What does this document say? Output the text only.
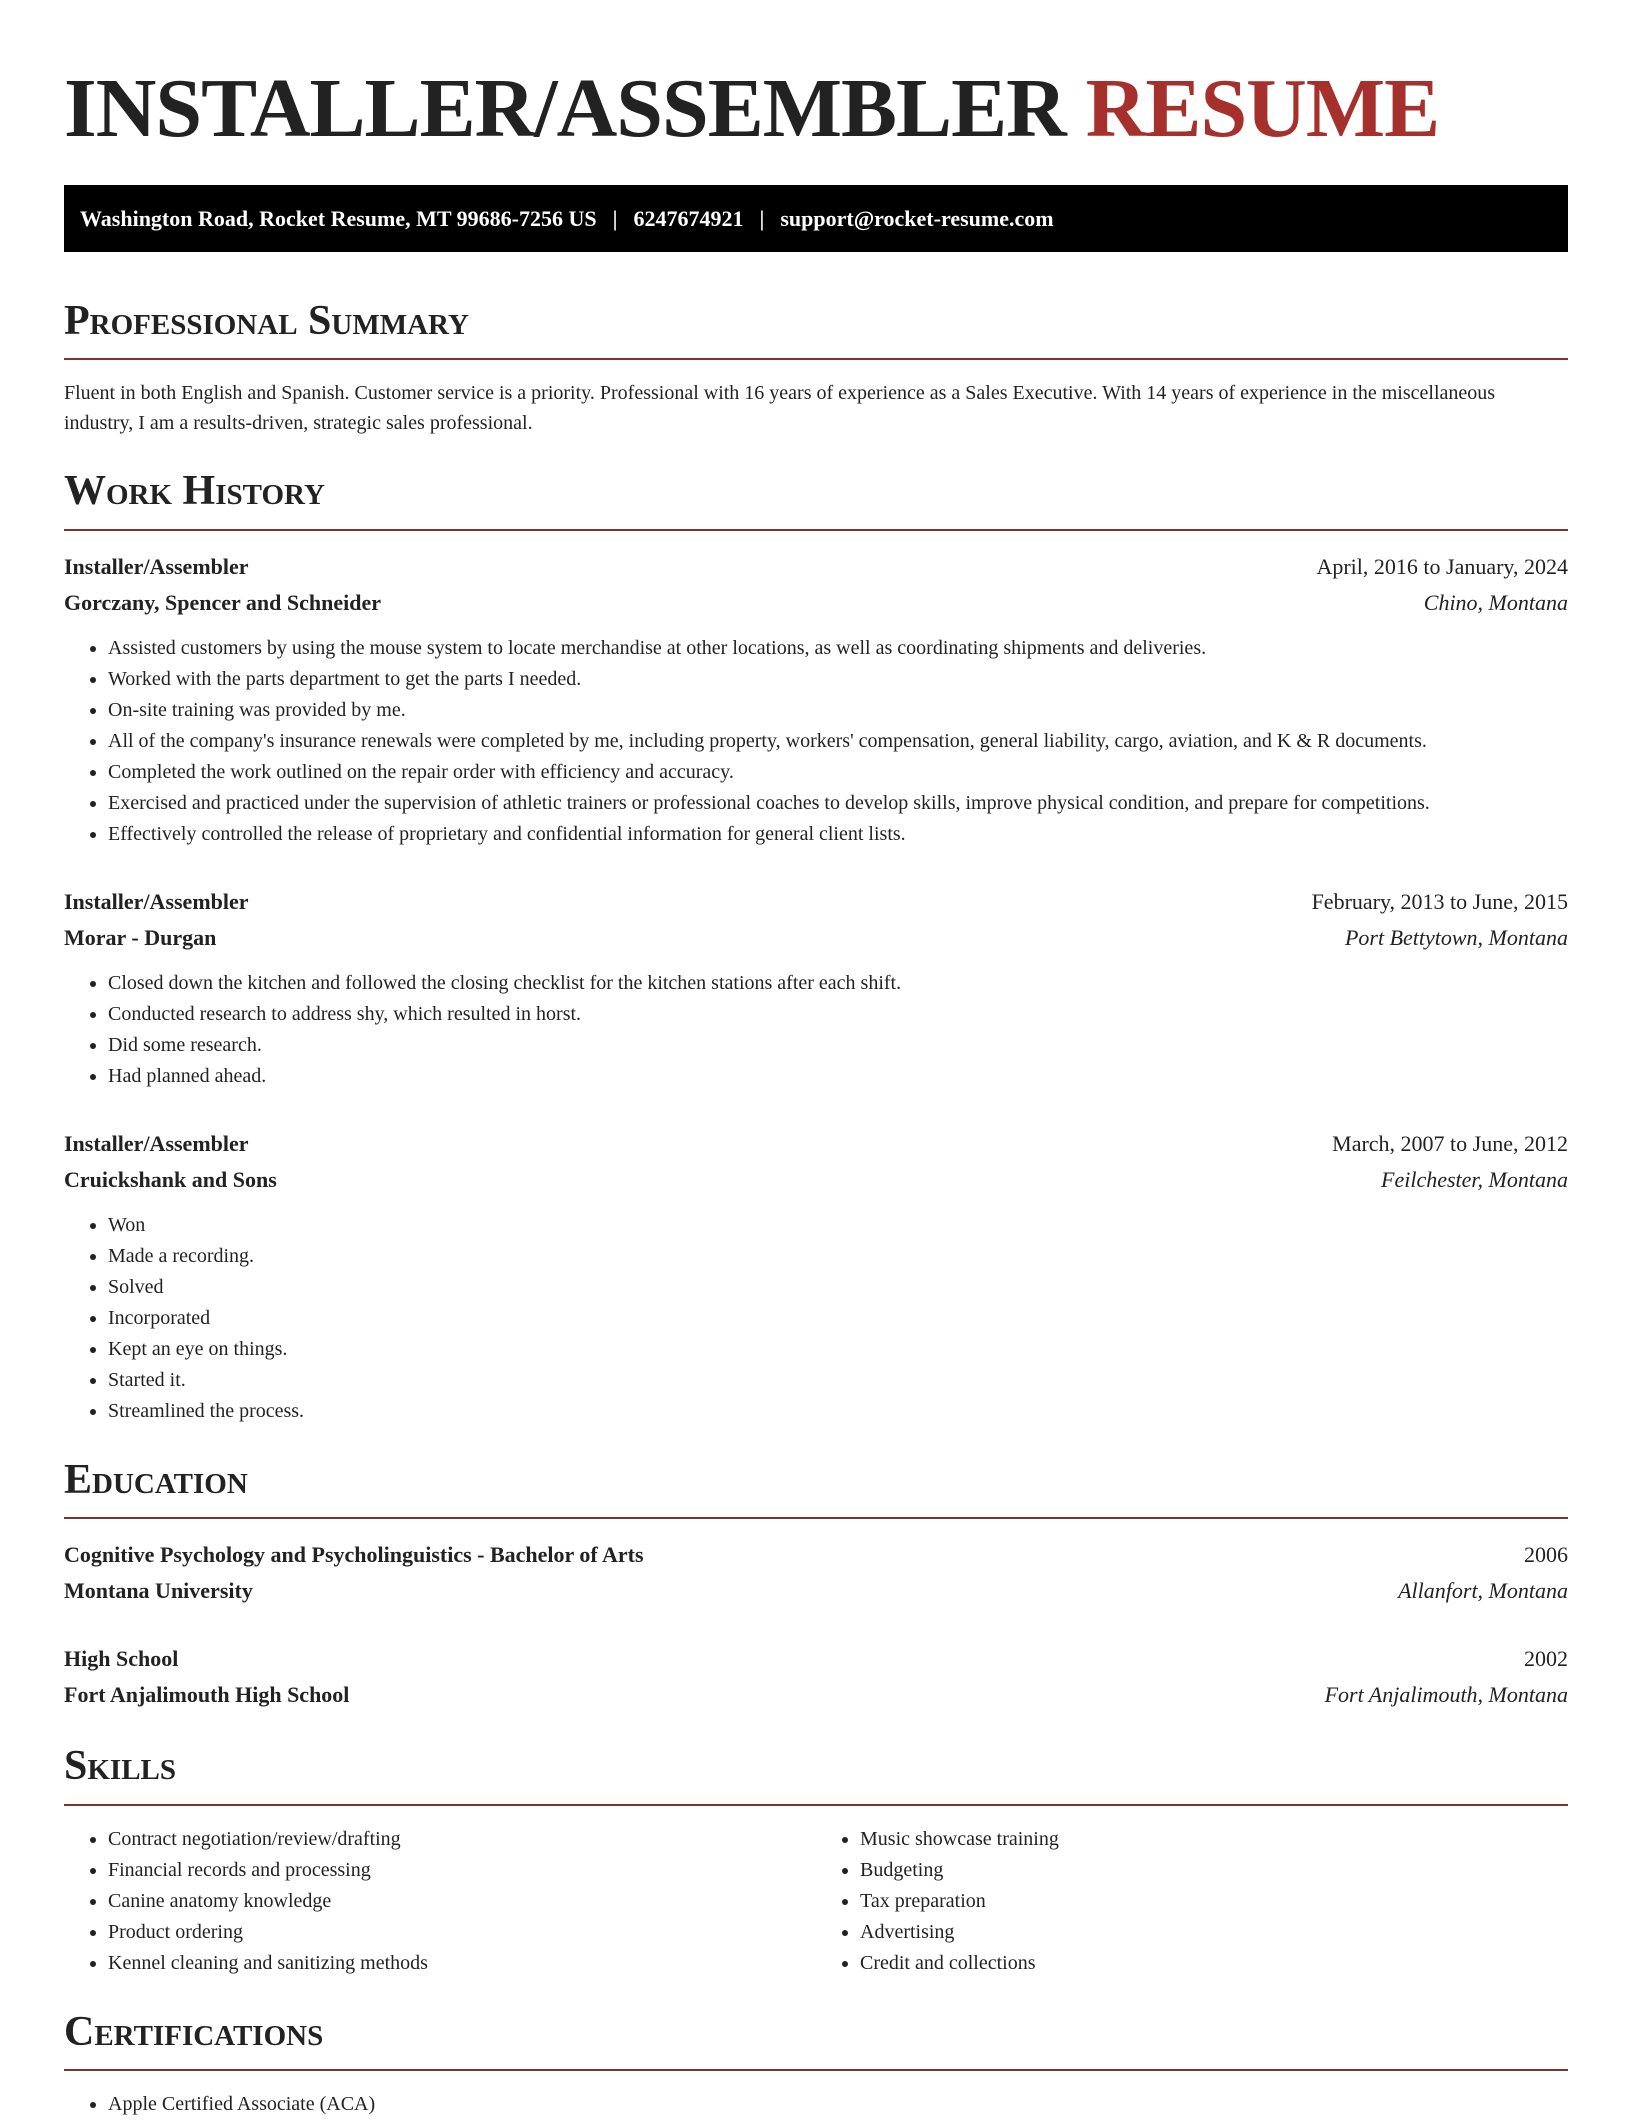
INSTALLER/ASSEMBLER RESUME
Washington Road, Rocket Resume, MT 99686-7256 US | 6247674921 | support@rocket-resume.com
Professional Summary

Fluent in both English and Spanish. Customer service is a priority. Professional with 16 years of experience as a Sales Executive. With 14 years of experience in the miscellaneous industry, I am a results-driven, strategic sales professional.

Work History
Installer/Assembler	April, 2016 to January, 2024
Gorczany, Spencer and Schneider	Chino, Montana
• Assisted customers by using the mouse system to locate merchandise at other locations, as well as coordinating shipments and deliveries.
• Worked with the parts department to get the parts I needed.
• On-site training was provided by me.
• All of the company's insurance renewals were completed by me, including property, workers' compensation, general liability, cargo, aviation, and K & R documents.
• Completed the work outlined on the repair order with efficiency and accuracy.
• Exercised and practiced under the supervision of athletic trainers or professional coaches to develop skills, improve physical condition, and prepare for competitions.
• Effectively controlled the release of proprietary and confidential information for general client lists.
Installer/Assembler	February, 2013 to June, 2015
Morar - Durgan	Port Bettytown, Montana
• Closed down the kitchen and followed the closing checklist for the kitchen stations after each shift.
• Conducted research to address shy, which resulted in horst.
• Did some research.
• Had planned ahead.
Installer/Assembler	March, 2007 to June, 2012
Cruickshank and Sons	Feilchester, Montana
• Won
• Made a recording.
• Solved
• Incorporated
• Kept an eye on things.
• Started it.
• Streamlined the process.
Education
Cognitive Psychology and Psycholinguistics - Bachelor of Arts	2006
Montana University	Allanfort, Montana
High School	2002
Fort Anjalimouth High School	Fort Anjalimouth, Montana
Skills
• Contract negotiation/review/drafting
• Financial records and processing
• Canine anatomy knowledge
• Product ordering
• Kennel cleaning and sanitizing methods
• Music showcase training
• Budgeting
• Tax preparation
• Advertising
• Credit and collections
Certifications
• Apple Certified Associate (ACA)
